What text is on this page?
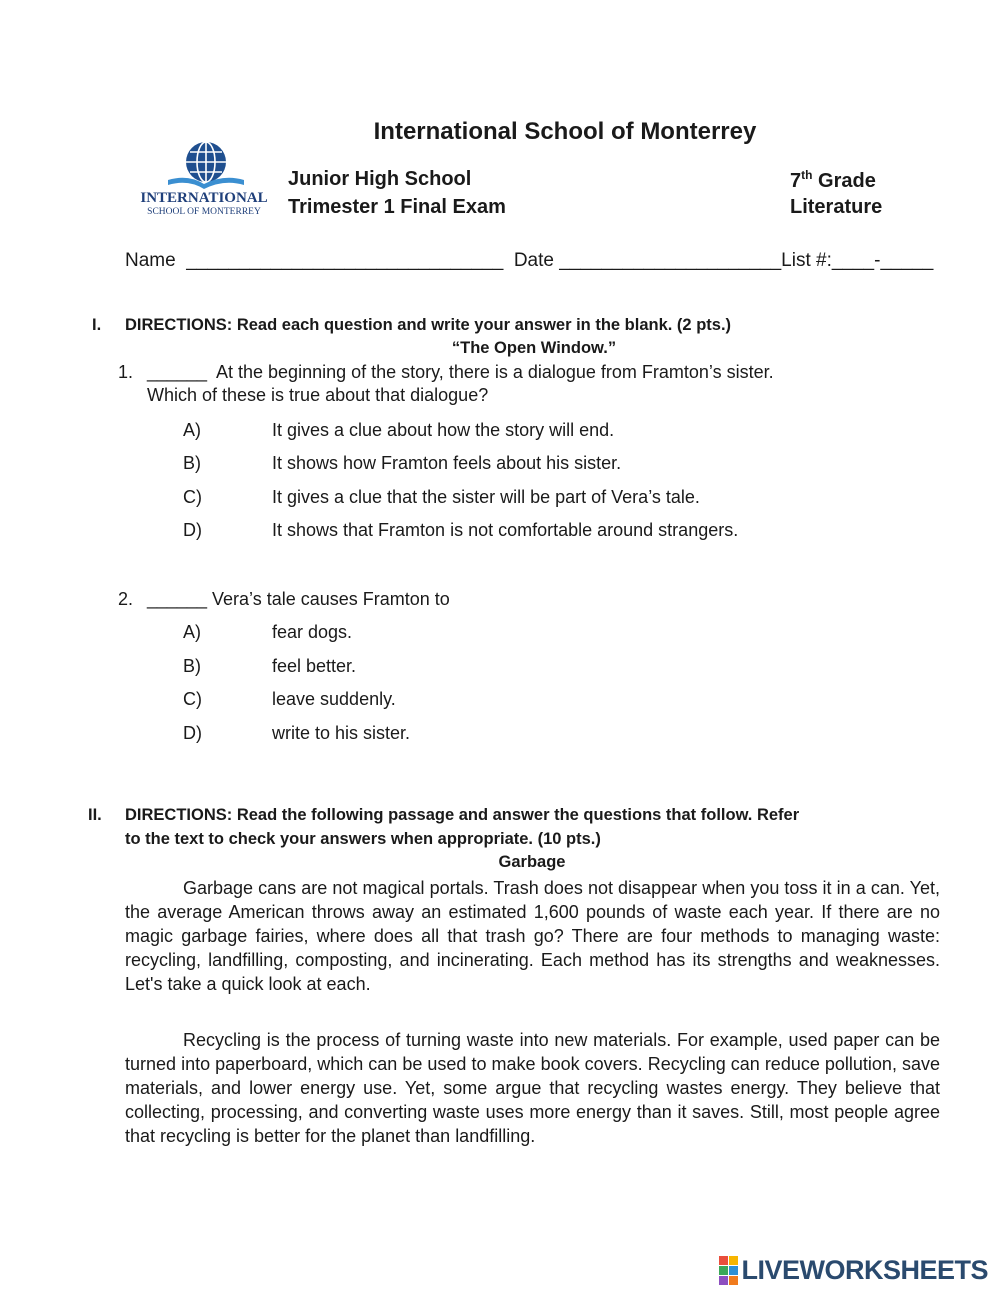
International School of Monterrey
INTERNATIONAL
SCHOOL OF MONTERREY
Junior High School
Trimester 1 Final Exam
7th Grade
Literature
Name ______________________________ Date _____________________List #:____-_____
I. DIRECTIONS: Read each question and write your answer in the blank. (2 pts.)
“The Open Window.”
1. ______ At the beginning of the story, there is a dialogue from Framton’s sister.
Which of these is true about that dialogue?
A)	It gives a clue about how the story will end.
B)	It shows how Framton feels about his sister.
C)	It gives a clue that the sister will be part of Vera’s tale.
D)	It shows that Framton is not comfortable around strangers.
2. ______ Vera’s tale causes Framton to
A)	fear dogs.
B)	feel better.
C)	leave suddenly.
D)	write to his sister.
II. DIRECTIONS: Read the following passage and answer the questions that follow. Refer
to the text to check your answers when appropriate. (10 pts.)
Garbage

Garbage cans are not magical portals. Trash does not disappear when you toss it in a can. Yet, the average American throws away an estimated 1,600 pounds of waste each year. If there are no magic garbage fairies, where does all that trash go? There are four methods to managing waste: recycling, landfilling, composting, and incinerating. Each method has its strengths and weaknesses. Let's take a quick look at each.

Recycling is the process of turning waste into new materials. For example, used paper can be turned into paperboard, which can be used to make book covers. Recycling can reduce pollution, save materials, and lower energy use. Yet, some argue that recycling wastes energy. They believe that collecting, processing, and converting waste uses more energy than it saves. Still, most people agree that recycling is better for the planet than landfilling.

LIVEWORKSHEETS
